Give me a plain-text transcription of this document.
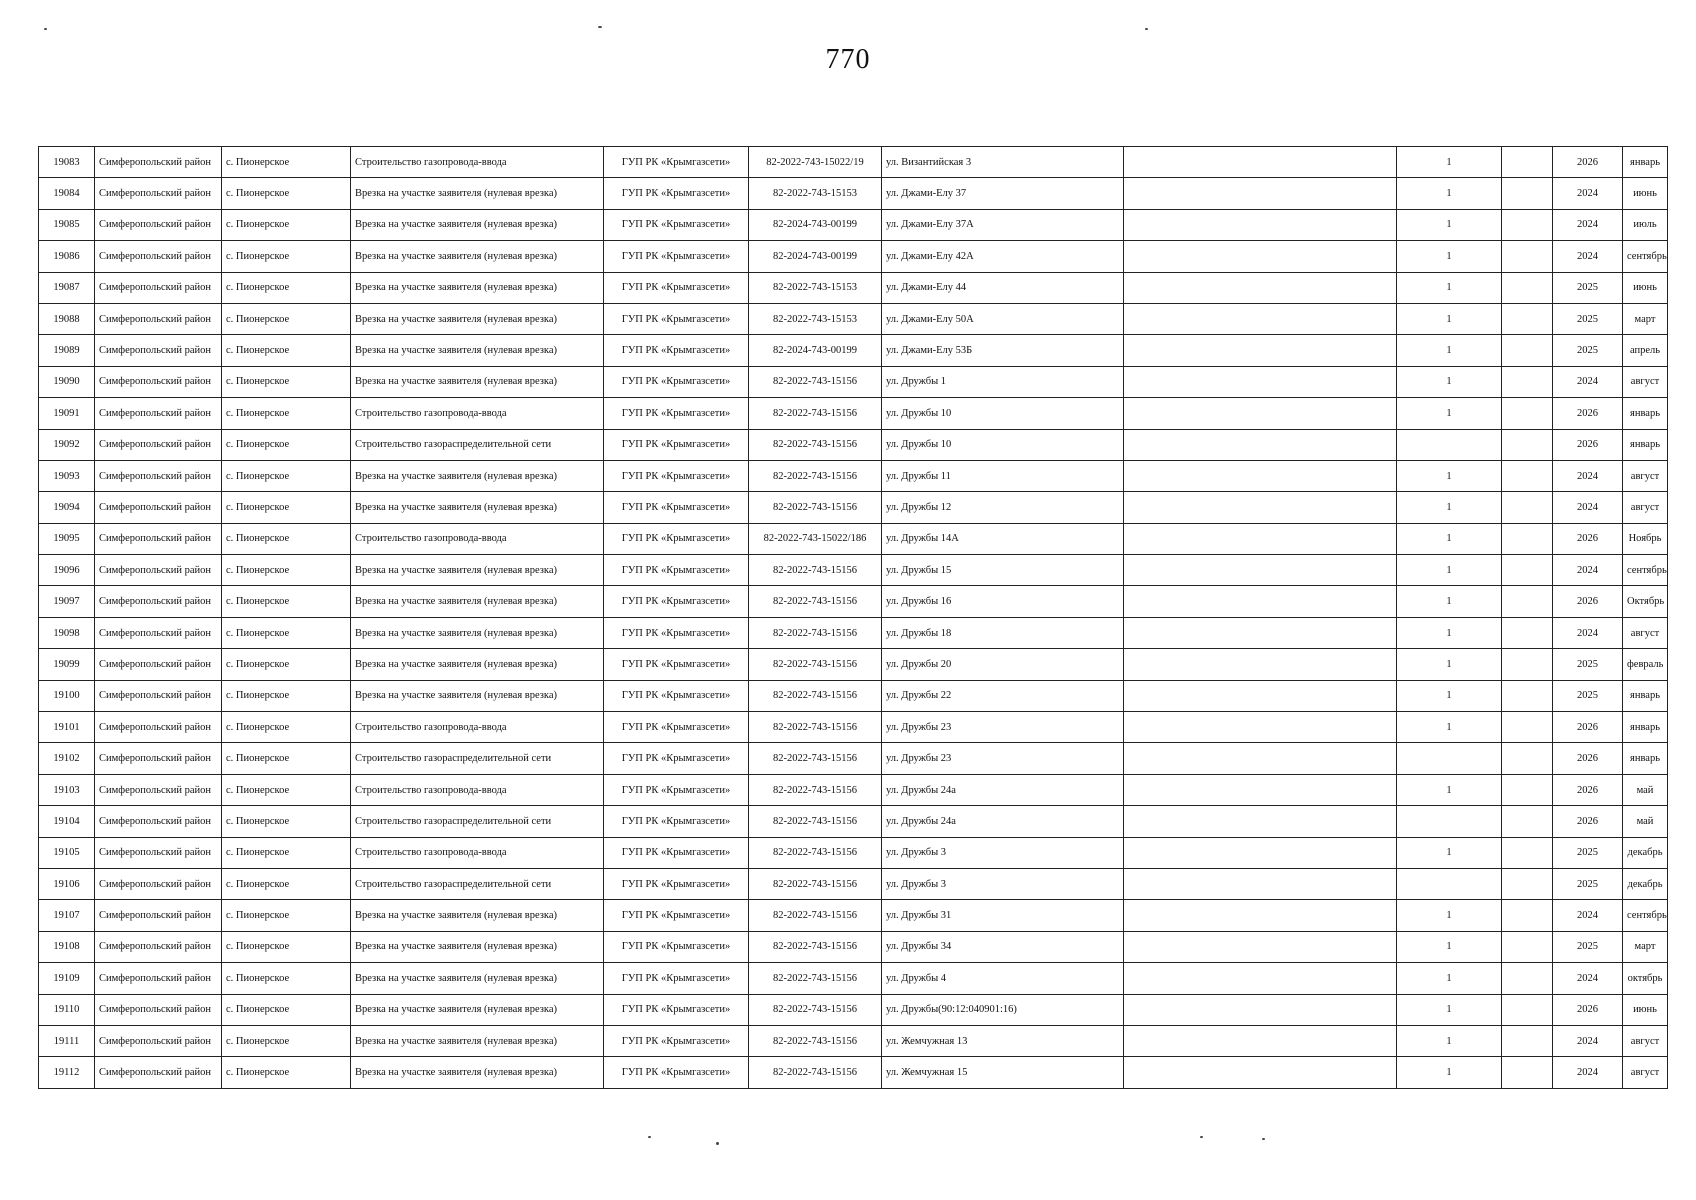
770
19083	Симферопольский район	с. Пионерское	Строительство газопровода-ввода	ГУП РК «Крымгазсети»	82-2022-743-15022/19	ул. Византийская 3		1		2026	январь
19084	Симферопольский район	с. Пионерское	Врезка на участке заявителя (нулевая врезка)	ГУП РК «Крымгазсети»	82-2022-743-15153	ул. Джами-Елу 37		1		2024	июнь
19085	Симферопольский район	с. Пионерское	Врезка на участке заявителя (нулевая врезка)	ГУП РК «Крымгазсети»	82-2024-743-00199	ул. Джами-Елу 37А		1		2024	июль
19086	Симферопольский район	с. Пионерское	Врезка на участке заявителя (нулевая врезка)	ГУП РК «Крымгазсети»	82-2024-743-00199	ул. Джами-Елу 42А		1		2024	сентябрь
19087	Симферопольский район	с. Пионерское	Врезка на участке заявителя (нулевая врезка)	ГУП РК «Крымгазсети»	82-2022-743-15153	ул. Джами-Елу 44		1		2025	июнь
19088	Симферопольский район	с. Пионерское	Врезка на участке заявителя (нулевая врезка)	ГУП РК «Крымгазсети»	82-2022-743-15153	ул. Джами-Елу 50А		1		2025	март
19089	Симферопольский район	с. Пионерское	Врезка на участке заявителя (нулевая врезка)	ГУП РК «Крымгазсети»	82-2024-743-00199	ул. Джами-Елу 53Б		1		2025	апрель
19090	Симферопольский район	с. Пионерское	Врезка на участке заявителя (нулевая врезка)	ГУП РК «Крымгазсети»	82-2022-743-15156	ул. Дружбы 1		1		2024	август
19091	Симферопольский район	с. Пионерское	Строительство газопровода-ввода	ГУП РК «Крымгазсети»	82-2022-743-15156	ул. Дружбы 10		1		2026	январь
19092	Симферопольский район	с. Пионерское	Строительство газораспределительной сети	ГУП РК «Крымгазсети»	82-2022-743-15156	ул. Дружбы 10				2026	январь
19093	Симферопольский район	с. Пионерское	Врезка на участке заявителя (нулевая врезка)	ГУП РК «Крымгазсети»	82-2022-743-15156	ул. Дружбы 11		1		2024	август
19094	Симферопольский район	с. Пионерское	Врезка на участке заявителя (нулевая врезка)	ГУП РК «Крымгазсети»	82-2022-743-15156	ул. Дружбы 12		1		2024	август
19095	Симферопольский район	с. Пионерское	Строительство газопровода-ввода	ГУП РК «Крымгазсети»	82-2022-743-15022/186	ул. Дружбы 14А		1		2026	Ноябрь
19096	Симферопольский район	с. Пионерское	Врезка на участке заявителя (нулевая врезка)	ГУП РК «Крымгазсети»	82-2022-743-15156	ул. Дружбы 15		1		2024	сентябрь
19097	Симферопольский район	с. Пионерское	Врезка на участке заявителя (нулевая врезка)	ГУП РК «Крымгазсети»	82-2022-743-15156	ул. Дружбы 16		1		2026	Октябрь
19098	Симферопольский район	с. Пионерское	Врезка на участке заявителя (нулевая врезка)	ГУП РК «Крымгазсети»	82-2022-743-15156	ул. Дружбы 18		1		2024	август
19099	Симферопольский район	с. Пионерское	Врезка на участке заявителя (нулевая врезка)	ГУП РК «Крымгазсети»	82-2022-743-15156	ул. Дружбы 20		1		2025	февраль
19100	Симферопольский район	с. Пионерское	Врезка на участке заявителя (нулевая врезка)	ГУП РК «Крымгазсети»	82-2022-743-15156	ул. Дружбы 22		1		2025	январь
19101	Симферопольский район	с. Пионерское	Строительство газопровода-ввода	ГУП РК «Крымгазсети»	82-2022-743-15156	ул. Дружбы 23		1		2026	январь
19102	Симферопольский район	с. Пионерское	Строительство газораспределительной сети	ГУП РК «Крымгазсети»	82-2022-743-15156	ул. Дружбы 23				2026	январь
19103	Симферопольский район	с. Пионерское	Строительство газопровода-ввода	ГУП РК «Крымгазсети»	82-2022-743-15156	ул. Дружбы 24а		1		2026	май
19104	Симферопольский район	с. Пионерское	Строительство газораспределительной сети	ГУП РК «Крымгазсети»	82-2022-743-15156	ул. Дружбы 24а				2026	май
19105	Симферопольский район	с. Пионерское	Строительство газопровода-ввода	ГУП РК «Крымгазсети»	82-2022-743-15156	ул. Дружбы 3		1		2025	декабрь
19106	Симферопольский район	с. Пионерское	Строительство газораспределительной сети	ГУП РК «Крымгазсети»	82-2022-743-15156	ул. Дружбы 3				2025	декабрь
19107	Симферопольский район	с. Пионерское	Врезка на участке заявителя (нулевая врезка)	ГУП РК «Крымгазсети»	82-2022-743-15156	ул. Дружбы 31		1		2024	сентябрь
19108	Симферопольский район	с. Пионерское	Врезка на участке заявителя (нулевая врезка)	ГУП РК «Крымгазсети»	82-2022-743-15156	ул. Дружбы 34		1		2025	март
19109	Симферопольский район	с. Пионерское	Врезка на участке заявителя (нулевая врезка)	ГУП РК «Крымгазсети»	82-2022-743-15156	ул. Дружбы 4		1		2024	октябрь
19110	Симферопольский район	с. Пионерское	Врезка на участке заявителя (нулевая врезка)	ГУП РК «Крымгазсети»	82-2022-743-15156	ул. Дружбы(90:12:040901:16)		1		2026	июнь
19111	Симферопольский район	с. Пионерское	Врезка на участке заявителя (нулевая врезка)	ГУП РК «Крымгазсети»	82-2022-743-15156	ул. Жемчужная 13		1		2024	август
19112	Симферопольский район	с. Пионерское	Врезка на участке заявителя (нулевая врезка)	ГУП РК «Крымгазсети»	82-2022-743-15156	ул. Жемчужная 15		1		2024	август
